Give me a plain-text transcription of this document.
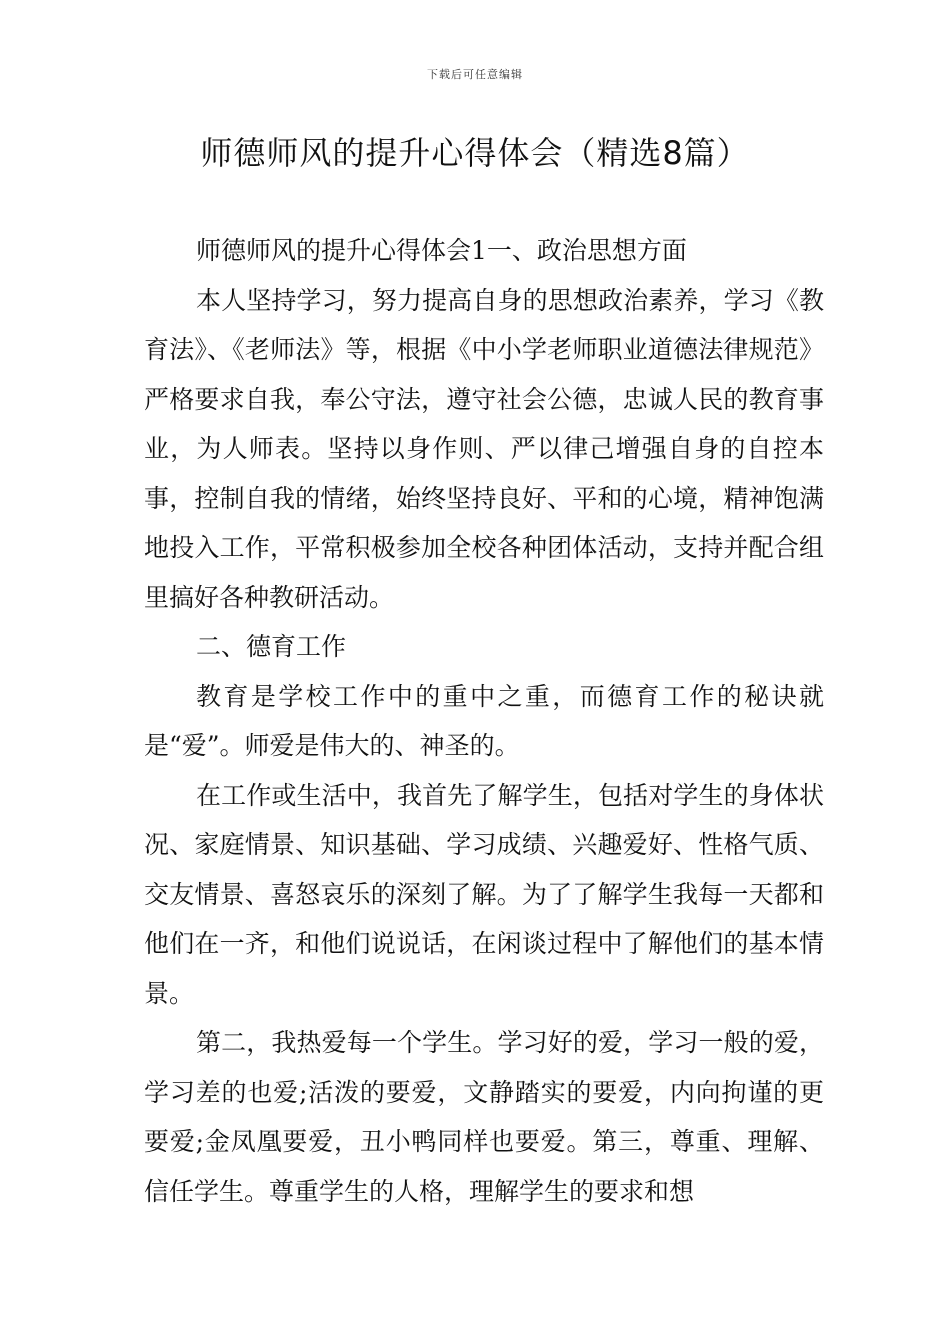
下载后可任意编辑
师德师风的提升心得体会（精选8篇）

师德师风的提升心得体会1一、政治思想方面

本人坚持学习，努力提高自身的思想政治素养，学习《教育法》、《老师法》等，根据《中小学老师职业道德法律规范》严格要求自我，奉公守法，遵守社会公德，忠诚人民的教育事业，为人师表。坚持以身作则、严以律己增强自身的自控本事，控制自我的情绪，始终坚持良好、平和的心境，精神饱满地投入工作，平常积极参加全校各种团体活动，支持并配合组里搞好各种教研活动。

二、德育工作

教育是学校工作中的重中之重，而德育工作的秘诀就是“爱”。师爱是伟大的、神圣的。

在工作或生活中，我首先了解学生，包括对学生的身体状况、家庭情景、知识基础、学习成绩、兴趣爱好、性格气质、交友情景、喜怒哀乐的深刻了解。为了了解学生我每一天都和他们在一齐，和他们说说话，在闲谈过程中了解他们的基本情景。

第二，我热爱每一个学生。学习好的爱，学习一般的爱，学习差的也爱;活泼的要爱，文静踏实的要爱，内向拘谨的更要爱;金凤凰要爱，丑小鸭同样也要爱。第三，尊重、理解、信任学生。尊重学生的人格，理解学生的要求和想
